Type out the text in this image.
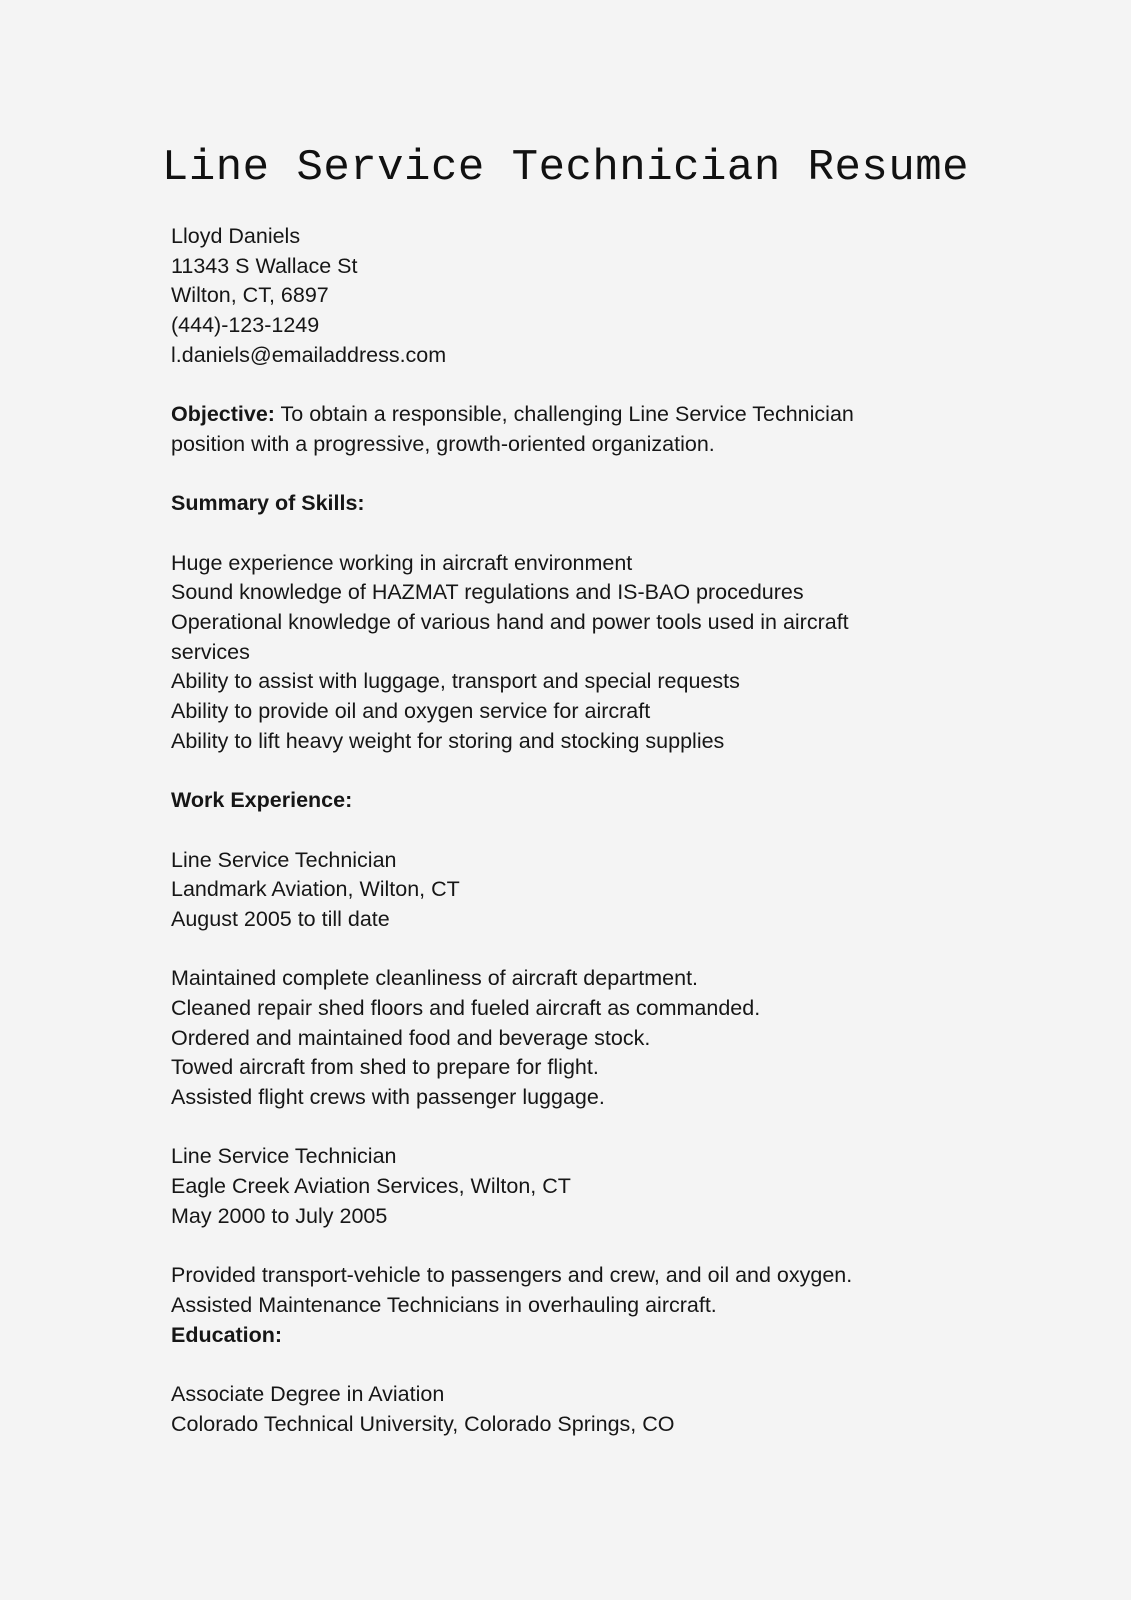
Line Service Technician Resume
Lloyd Daniels
11343 S Wallace St
Wilton, CT, 6897
(444)-123-1249
l.daniels@emailaddress.com
Objective: To obtain a responsible, challenging Line Service Technician position with a progressive, growth-oriented organization.
Summary of Skills:
Huge experience working in aircraft environment
Sound knowledge of HAZMAT regulations and IS-BAO procedures
Operational knowledge of various hand and power tools used in aircraft services
Ability to assist with luggage, transport and special requests
Ability to provide oil and oxygen service for aircraft
Ability to lift heavy weight for storing and stocking supplies
Work Experience:
Line Service Technician
Landmark Aviation, Wilton, CT
August 2005 to till date
Maintained complete cleanliness of aircraft department.
Cleaned repair shed floors and fueled aircraft as commanded.
Ordered and maintained food and beverage stock.
Towed aircraft from shed to prepare for flight.
Assisted flight crews with passenger luggage.
Line Service Technician
Eagle Creek Aviation Services, Wilton, CT
May 2000 to July 2005
Provided transport-vehicle to passengers and crew, and oil and oxygen.
Assisted Maintenance Technicians in overhauling aircraft.
Education:
Associate Degree in Aviation
Colorado Technical University, Colorado Springs, CO
